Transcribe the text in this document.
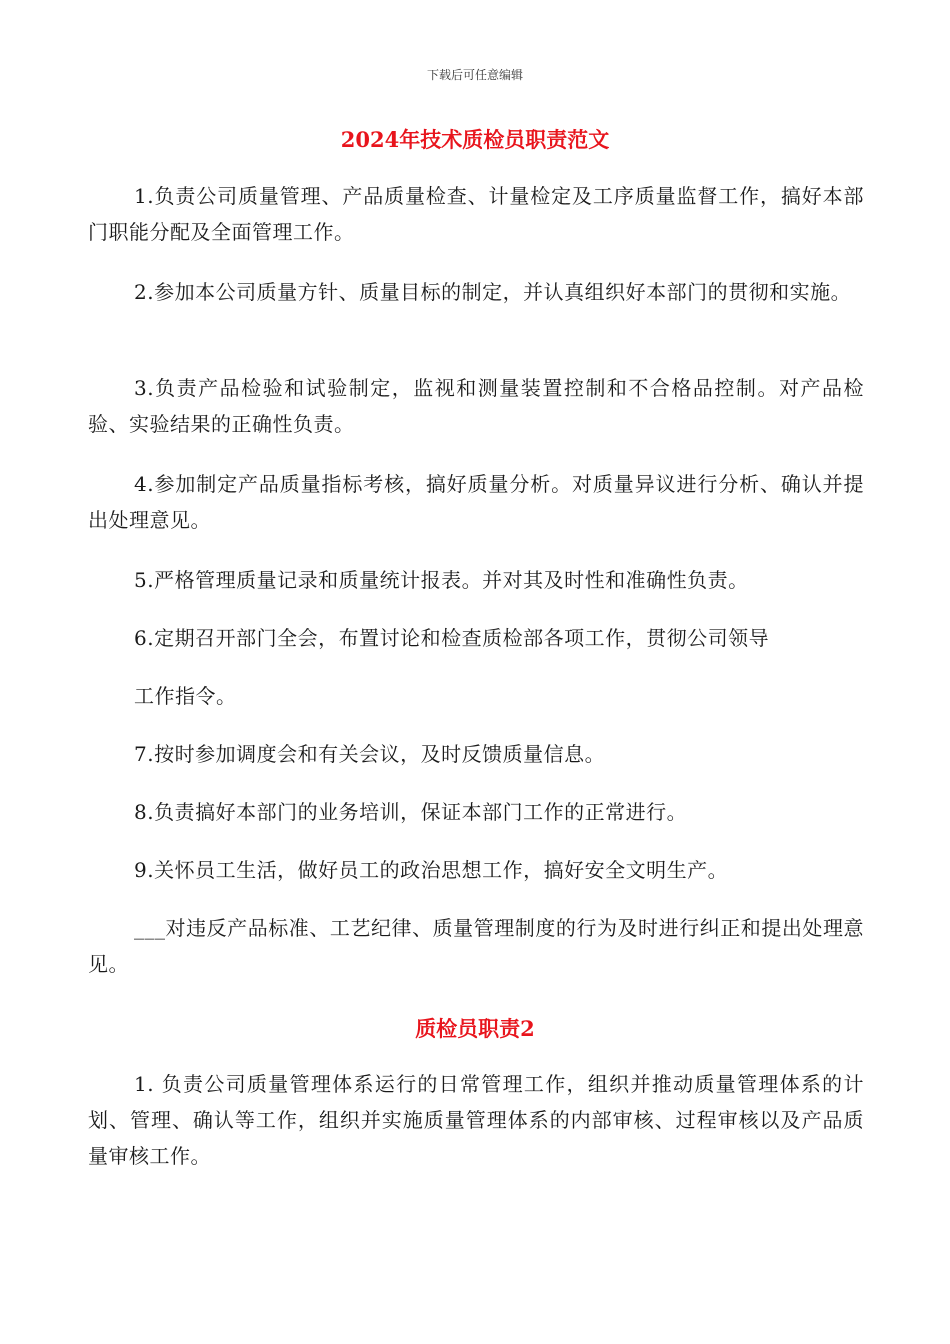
下载后可任意编辑
2024年技术质检员职责范文

1.负责公司质量管理、产品质量检查、计量检定及工序质量监督工作，搞好本部门职能分配及全面管理工作。

2.参加本公司质量方针、质量目标的制定，并认真组织好本部门的贯彻和实施。

3.负责产品检验和试验制定，监视和测量装置控制和不合格品控制。对产品检验、实验结果的正确性负责。

4.参加制定产品质量指标考核，搞好质量分析。对质量异议进行分析、确认并提出处理意见。

5.严格管理质量记录和质量统计报表。并对其及时性和准确性负责。

6.定期召开部门全会，布置讨论和检查质检部各项工作，贯彻公司领导

工作指令。

7.按时参加调度会和有关会议，及时反馈质量信息。

8.负责搞好本部门的业务培训，保证本部门工作的正常进行。

9.关怀员工生活，做好员工的政治思想工作，搞好安全文明生产。

___对违反产品标准、工艺纪律、质量管理制度的行为及时进行纠正和提出处理意见。

质检员职责2

1. 负责公司质量管理体系运行的日常管理工作，组织并推动质量管理体系的计划、管理、确认等工作，组织并实施质量管理体系的内部审核、过程审核以及产品质量审核工作。
